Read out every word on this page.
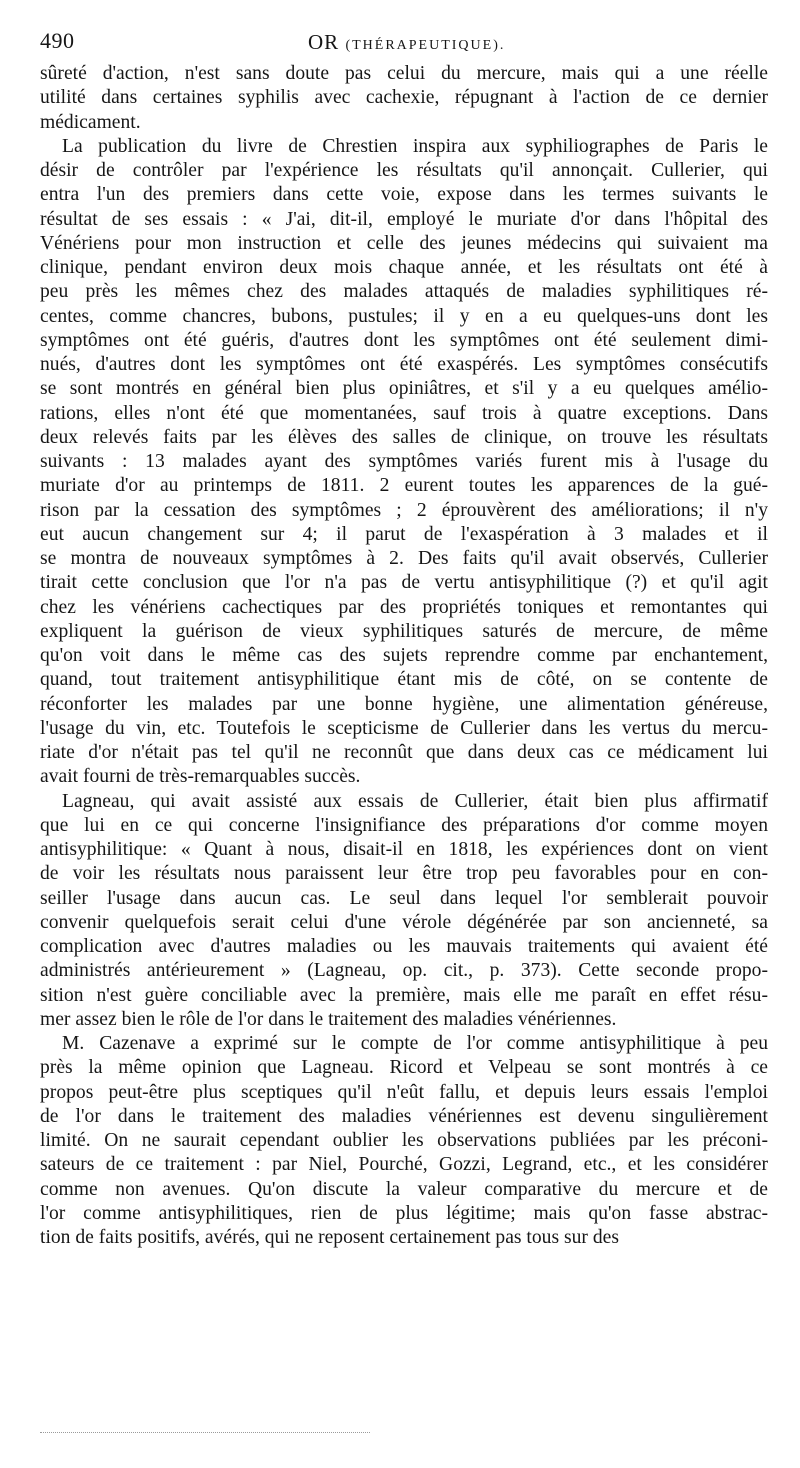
490	OR (THÉRAPEUTIQUE).
sûreté d'action, n'est sans doute pas celui du mercure, mais qui a une réelle
utilité dans certaines syphilis avec cachexie, répugnant à l'action de ce dernier
médicament.
La publication du livre de Chrestien inspira aux syphiliographes de Paris le
désir de contrôler par l'expérience les résultats qu'il annonçait. Cullerier, qui
entra l'un des premiers dans cette voie, expose dans les termes suivants le
résultat de ses essais : « J'ai, dit-il, employé le muriate d'or dans l'hôpital des
Vénériens pour mon instruction et celle des jeunes médecins qui suivaient ma
clinique, pendant environ deux mois chaque année, et les résultats ont été à
peu près les mêmes chez des malades attaqués de maladies syphilitiques ré-
centes, comme chancres, bubons, pustules; il y en a eu quelques-uns dont les
symptômes ont été guéris, d'autres dont les symptômes ont été seulement dimi-
nués, d'autres dont les symptômes ont été exaspérés. Les symptômes consécutifs
se sont montrés en général bien plus opiniâtres, et s'il y a eu quelques amélio-
rations, elles n'ont été que momentanées, sauf trois à quatre exceptions. Dans
deux relevés faits par les élèves des salles de clinique, on trouve les résultats
suivants : 13 malades ayant des symptômes variés furent mis à l'usage du
muriate d'or au printemps de 1811. 2 eurent toutes les apparences de la gué-
rison par la cessation des symptômes ; 2 éprouvèrent des améliorations; il n'y
eut aucun changement sur 4; il parut de l'exaspération à 3 malades et il
se montra de nouveaux symptômes à 2. Des faits qu'il avait observés, Cullerier
tirait cette conclusion que l'or n'a pas de vertu antisyphilitique (?) et qu'il agit
chez les vénériens cachectiques par des propriétés toniques et remontantes qui
expliquent la guérison de vieux syphilitiques saturés de mercure, de même
qu'on voit dans le même cas des sujets reprendre comme par enchantement,
quand, tout traitement antisyphilitique étant mis de côté, on se contente de
réconforter les malades par une bonne hygiène, une alimentation généreuse,
l'usage du vin, etc. Toutefois le scepticisme de Cullerier dans les vertus du mercu-
riate d'or n'était pas tel qu'il ne reconnût que dans deux cas ce médicament lui
avait fourni de très-remarquables succès.
Lagneau, qui avait assisté aux essais de Cullerier, était bien plus affirmatif
que lui en ce qui concerne l'insignifiance des préparations d'or comme moyen
antisyphilitique: « Quant à nous, disait-il en 1818, les expériences dont on vient
de voir les résultats nous paraissent leur être trop peu favorables pour en con-
seiller l'usage dans aucun cas. Le seul dans lequel l'or semblerait pouvoir
convenir quelquefois serait celui d'une vérole dégénérée par son ancienneté, sa
complication avec d'autres maladies ou les mauvais traitements qui avaient été
administrés antérieurement » (Lagneau, op. cit., p. 373). Cette seconde propo-
sition n'est guère conciliable avec la première, mais elle me paraît en effet résu-
mer assez bien le rôle de l'or dans le traitement des maladies vénériennes.
M. Cazenave a exprimé sur le compte de l'or comme antisyphilitique à peu
près la même opinion que Lagneau. Ricord et Velpeau se sont montrés à ce
propos peut-être plus sceptiques qu'il n'eût fallu, et depuis leurs essais l'emploi
de l'or dans le traitement des maladies vénériennes est devenu singulièrement
limité. On ne saurait cependant oublier les observations publiées par les préconi-
sateurs de ce traitement : par Niel, Pourché, Gozzi, Legrand, etc., et les considérer
comme non avenues. Qu'on discute la valeur comparative du mercure et de
l'or comme antisyphilitiques, rien de plus légitime; mais qu'on fasse abstrac-
tion de faits positifs, avérés, qui ne reposent certainement pas tous sur des
